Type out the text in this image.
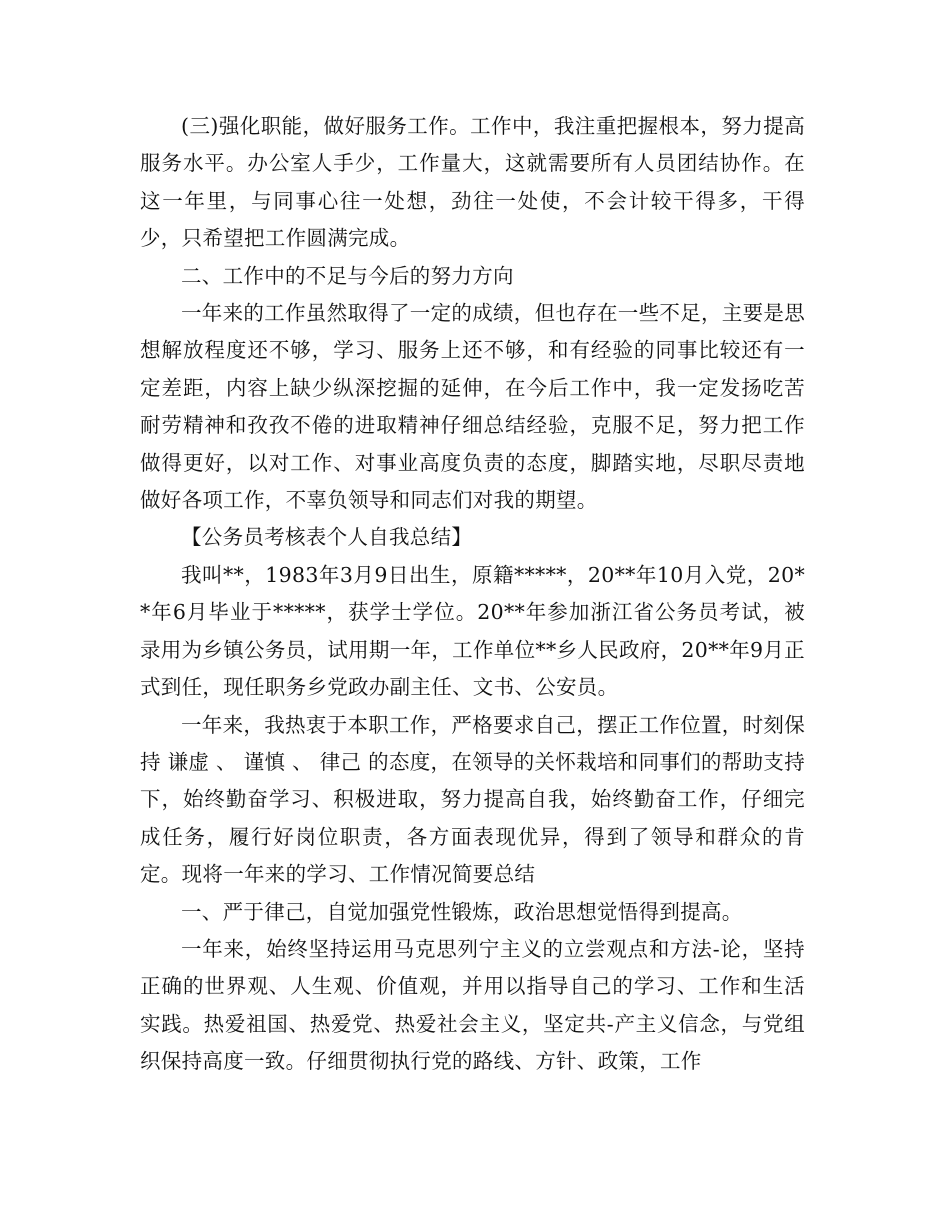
(三)强化职能，做好服务工作。工作中，我注重把握根本，努力提高服务水平。办公室人手少，工作量大，这就需要所有人员团结协作。在这一年里，与同事心往一处想，劲往一处使，不会计较干得多，干得少，只希望把工作圆满完成。

二、工作中的不足与今后的努力方向

一年来的工作虽然取得了一定的成绩，但也存在一些不足，主要是思想解放程度还不够，学习、服务上还不够，和有经验的同事比较还有一定差距，内容上缺少纵深挖掘的延伸，在今后工作中，我一定发扬吃苦耐劳精神和孜孜不倦的进取精神仔细总结经验，克服不足，努力把工作做得更好，以对工作、对事业高度负责的态度，脚踏实地，尽职尽责地做好各项工作，不辜负领导和同志们对我的期望。

【公务员考核表个人自我总结】

我叫**，1983年3月9日出生，原籍*****，20**年10月入党，20**年6月毕业于*****，获学士学位。20**年参加浙江省公务员考试，被录用为乡镇公务员，试用期一年，工作单位**乡人民政府，20**年9月正式到任，现任职务乡党政办副主任、文书、公安员。

一年来，我热衷于本职工作，严格要求自己，摆正工作位置，时刻保持 谦虚 、 谨慎 、 律己 的态度，在领导的关怀栽培和同事们的帮助支持下，始终勤奋学习、积极进取，努力提高自我，始终勤奋工作，仔细完成任务，履行好岗位职责，各方面表现优异，得到了领导和群众的肯定。现将一年来的学习、工作情况简要总结

一、严于律己，自觉加强党性锻炼，政治思想觉悟得到提高。

一年来，始终坚持运用马克思列宁主义的立尝观点和方法-论，坚持正确的世界观、人生观、价值观，并用以指导自己的学习、工作和生活实践。热爱祖国、热爱党、热爱社会主义，坚定共-产主义信念，与党组织保持高度一致。仔细贯彻执行党的路线、方针、政策，工作
